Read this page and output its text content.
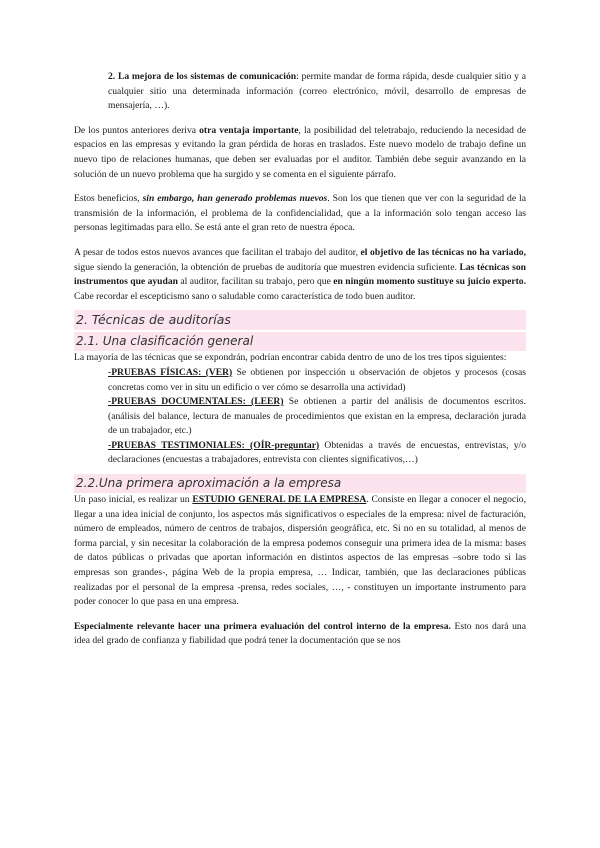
2. La mejora de los sistemas de comunicación: permite mandar de forma rápida, desde cualquier sitio y a cualquier sitio una determinada información (correo electrónico, móvil, desarrollo de empresas de mensajería, …).

De los puntos anteriores deriva otra ventaja importante, la posibilidad del teletrabajo, reduciendo la necesidad de espacios en las empresas y evitando la gran pérdida de horas en traslados. Este nuevo modelo de trabajo define un nuevo tipo de relaciones humanas, que deben ser evaluadas por el auditor. También debe seguir avanzando en la solución de un nuevo problema que ha surgido y se comenta en el siguiente párrafo.

Estos beneficios, sin embargo, han generado problemas nuevos. Son los que tienen que ver con la seguridad de la transmisión de la información, el problema de la confidencialidad, que a la información solo tengan acceso las personas legitimadas para ello. Se está ante el gran reto de nuestra época.

A pesar de todos estos nuevos avances que facilitan el trabajo del auditor, el objetivo de las técnicas no ha variado, sigue siendo la generación, la obtención de pruebas de auditoría que muestren evidencia suficiente. Las técnicas son instrumentos que ayudan al auditor, facilitan su trabajo, pero que en ningún momento sustituye su juicio experto. Cabe recordar el escepticismo sano o saludable como característica de todo buen auditor.

2. Técnicas de auditorías
2.1. Una clasificación general

La mayoría de las técnicas que se expondrán, podrían encontrar cabida dentro de uno de los tres tipos siguientes:

-PRUEBAS FÍSICAS: (VER) Se obtienen por inspección u observación de objetos y procesos (cosas concretas como ver in situ un edificio o ver cómo se desarrolla una actividad)

-PRUEBAS DOCUMENTALES: (LEER) Se obtienen a partir del análisis de documentos escritos. (análisis del balance, lectura de manuales de procedimientos que existan en la empresa, declaración jurada de un trabajador, etc.)

-PRUEBAS TESTIMONIALES: (OÍR-preguntar) Obtenidas a través de encuestas, entrevistas, y/o declaraciones (encuestas a trabajadores, entrevista con clientes significativos,…)

2.2.Una primera aproximación a la empresa

Un paso inicial, es realizar un ESTUDIO GENERAL DE LA EMPRESA. Consiste en llegar a conocer el negocio, llegar a una idea inicial de conjunto, los aspectos más significativos o especiales de la empresa: nivel de facturación, número de empleados, número de centros de trabajos, dispersión geográfica, etc. Si no en su totalidad, al menos de forma parcial, y sin necesitar la colaboración de la empresa podemos conseguir una primera idea de la misma: bases de datos públicas o privadas que aportan información en distintos aspectos de las empresas –sobre todo si las empresas son grandes-, página Web de la propia empresa, … Indicar, también, que las declaraciones públicas realizadas por el personal de la empresa -prensa, redes sociales, …, - constituyen un importante instrumento para poder conocer lo que pasa en una empresa.

Especialmente relevante hacer una primera evaluación del control interno de la empresa. Esto nos dará una idea del grado de confianza y fiabilidad que podrá tener la documentación que se nos
